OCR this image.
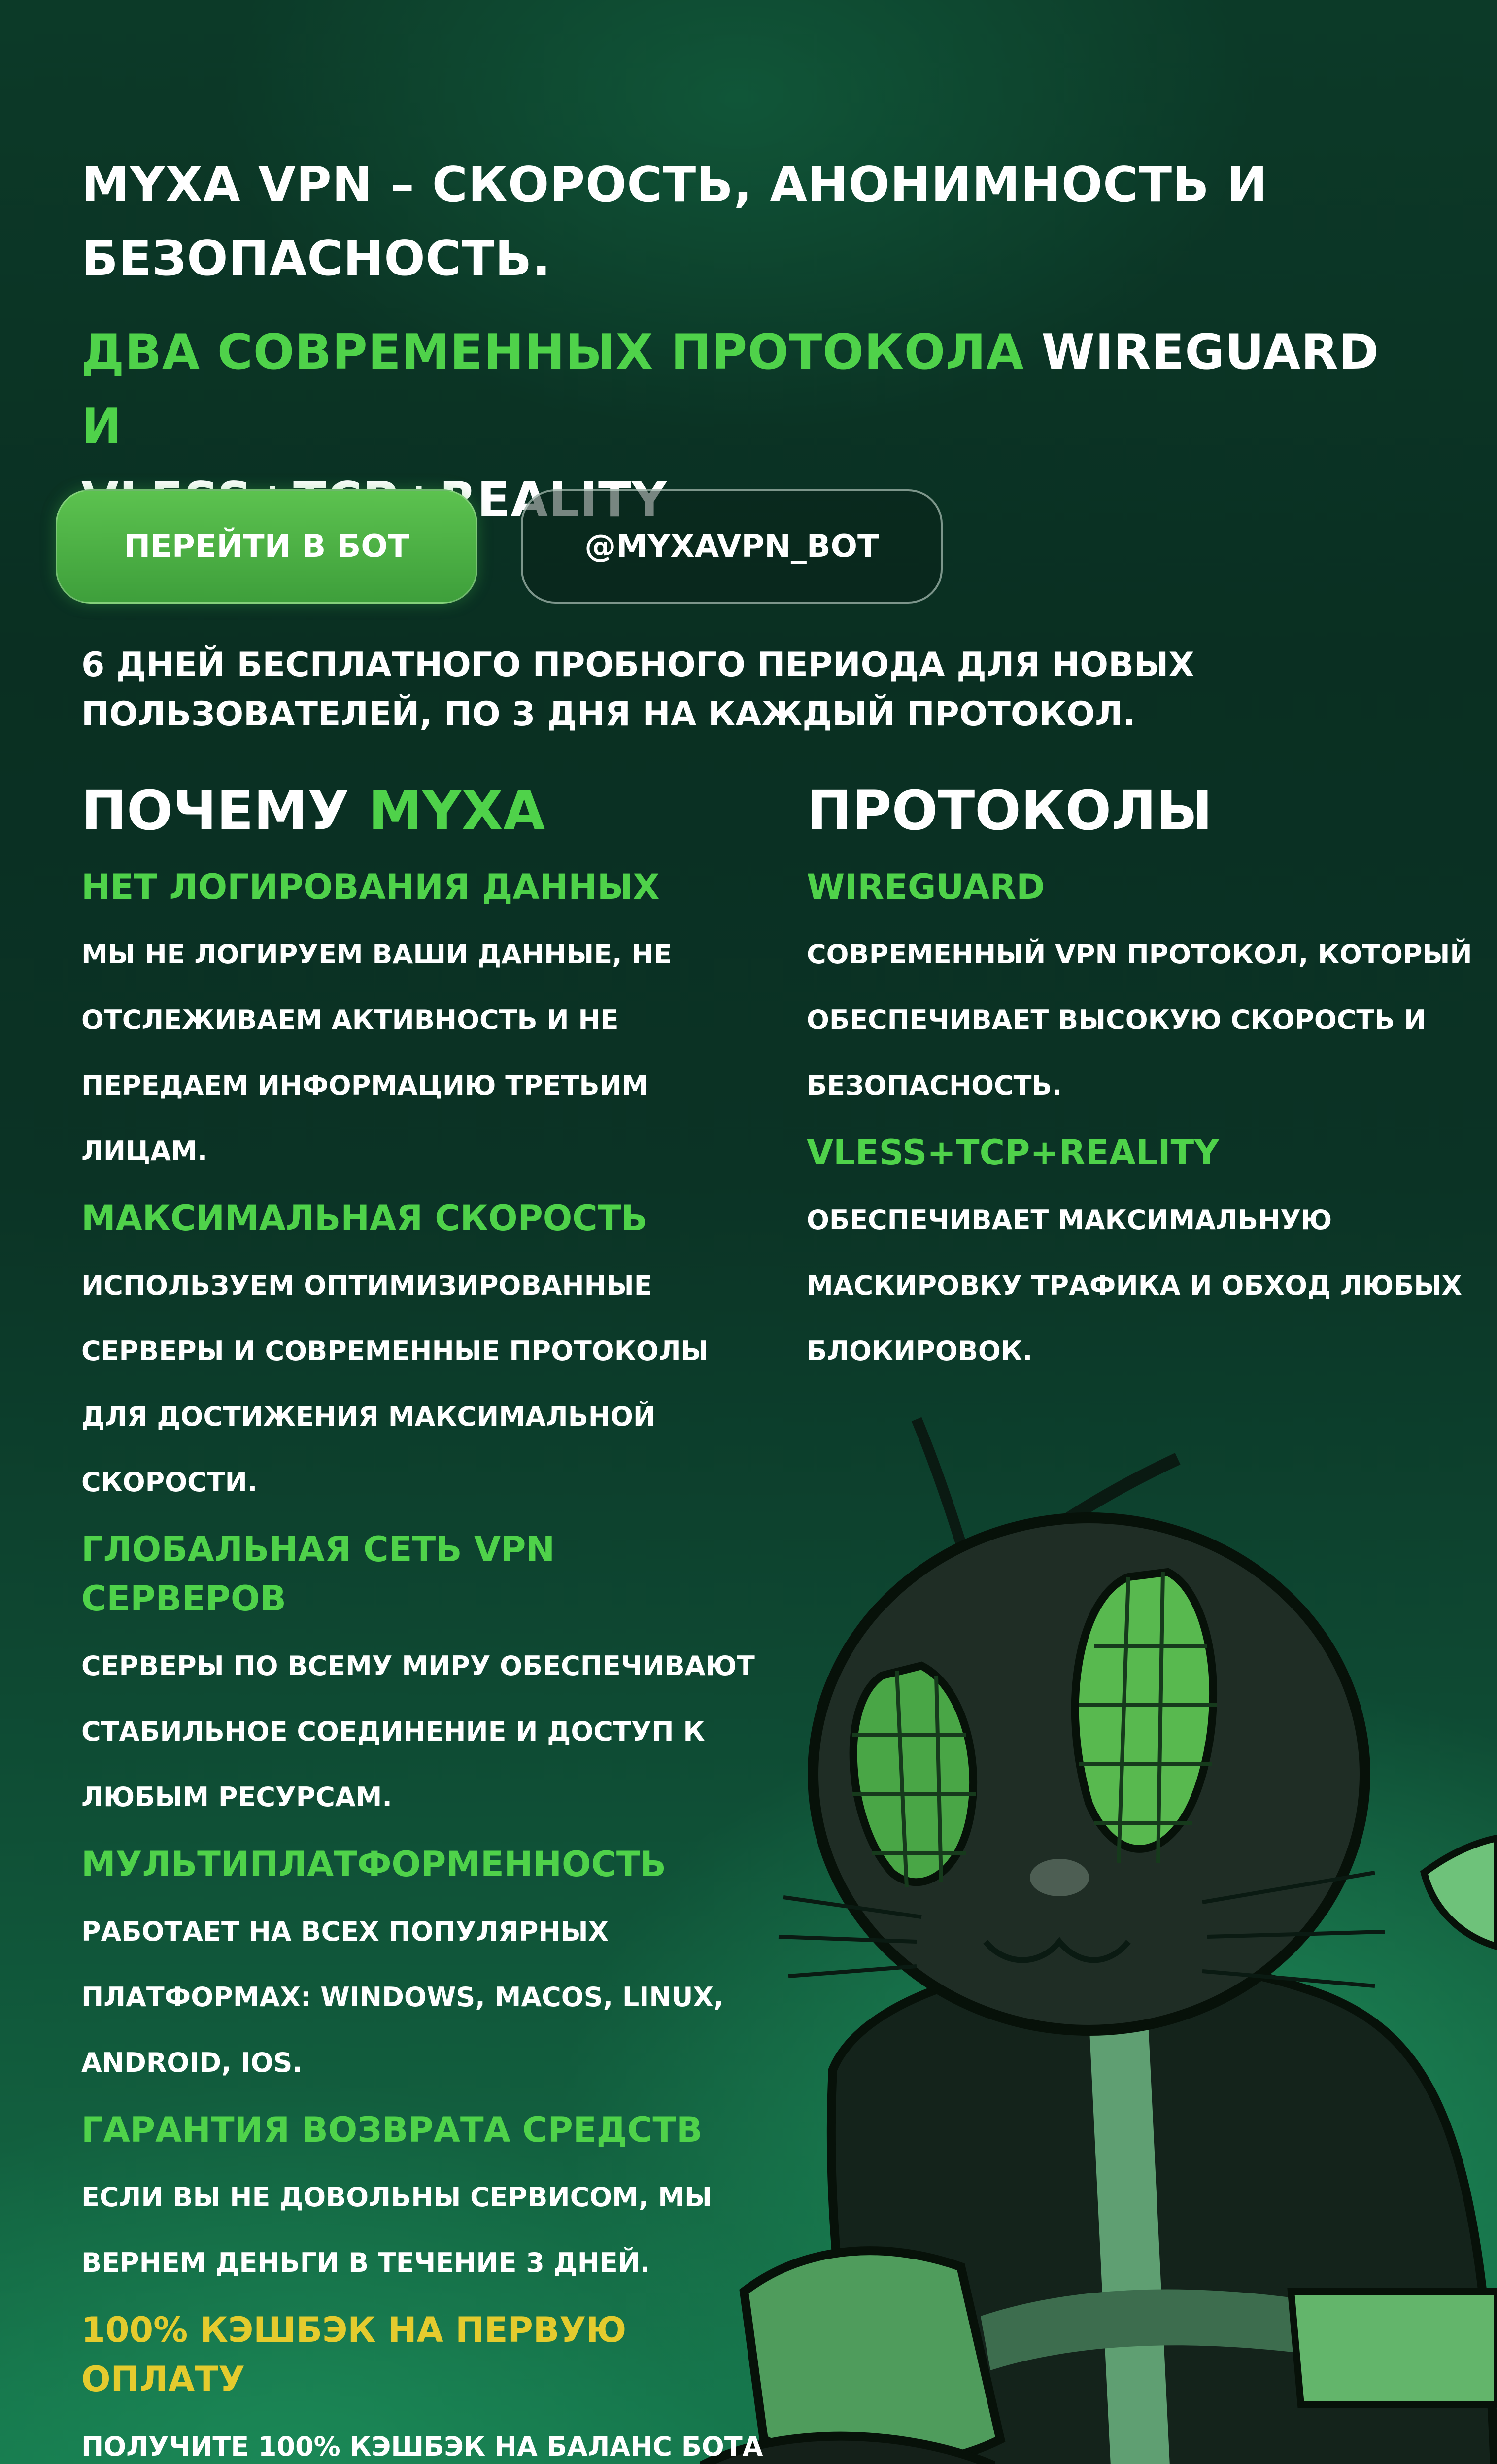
MYXA VPN – СКОРОСТЬ, АНОНИМНОСТЬ И БЕЗОПАСНОСТЬ.
ДВА СОВРЕМЕННЫХ ПРОТОКОЛА WIREGUARD И

ПЕРЕЙТИ В БОТ	@MYXAVPN_BOT
6 ДНЕЙ БЕСПЛАТНОГО ПРОБНОГО ПЕРИОДА ДЛЯ НОВЫХ ПОЛЬЗОВАТЕЛЕЙ, ПО 3 ДНЯ НА КАЖДЫЙ ПРОТОКОЛ.
ПОЧЕМУ MYXA
НЕТ ЛОГИРОВАНИЯ ДАННЫХ
МЫ НЕ ЛОГИРУЕМ ВАШИ ДАННЫЕ, НЕ ОТСЛЕЖИВАЕМ АКТИВНОСТЬ И НЕ ПЕРЕДАЕМ ИНФОРМАЦИЮ ТРЕТЬИМ ЛИЦАМ.
МАКСИМАЛЬНАЯ СКОРОСТЬ
ИСПОЛЬЗУЕМ ОПТИМИЗИРОВАННЫЕ СЕРВЕРЫ И СОВРЕМЕННЫЕ ПРОТОКОЛЫ ДЛЯ ДОСТИЖЕНИЯ МАКСИМАЛЬНОЙ СКОРОСТИ.
ГЛОБАЛЬНАЯ СЕТЬ VPN СЕРВЕРОВ
СЕРВЕРЫ ПО ВСЕМУ МИРУ ОБЕСПЕЧИВАЮТ СТАБИЛЬНОЕ СОЕДИНЕНИЕ И ДОСТУП К ЛЮБЫМ РЕСУРСАМ.
МУЛЬТИПЛАТФОРМЕННОСТЬ
РАБОТАЕТ НА ВСЕХ ПОПУЛЯРНЫХ ПЛАТФОРМАХ: WINDOWS, MACOS, LINUX, ANDROID, IOS.
ГАРАНТИЯ ВОЗВРАТА СРЕДСТВ
ЕСЛИ ВЫ НЕ ДОВОЛЬНЫ СЕРВИСОМ, МЫ ВЕРНЕМ ДЕНЬГИ В ТЕЧЕНИЕ 3 ДНЕЙ.
100% КЭШБЭК НА ПЕРВУЮ ОПЛАТУ
ПОЛУЧИТЕ 100% КЭШБЭК НА БАЛАНС БОТА
ПРОТОКОЛЫ
WIREGUARD
СОВРЕМЕННЫЙ VPN ПРОТОКОЛ, КОТОРЫЙ ОБЕСПЕЧИВАЕТ ВЫСОКУЮ СКОРОСТЬ И БЕЗОПАСНОСТЬ.
VLESS+TCP+REALITY
ОБЕСПЕЧИВАЕТ МАКСИМАЛЬНУЮ МАСКИРОВКУ ТРАФИКА И ОБХОД ЛЮБЫХ БЛОКИРОВОК.
